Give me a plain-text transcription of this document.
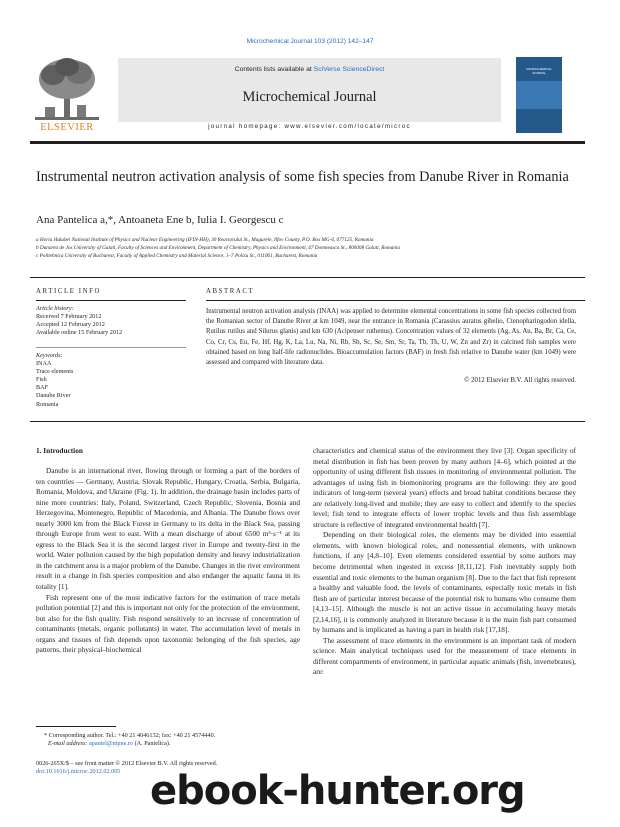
Microchemical Journal 103 (2012) 142–147
ELSEVIER
Contents lists available at SciVerse ScienceDirect
Microchemical Journal
journal homepage: www.elsevier.com/locate/microc
MICROCHEMICAL JOURNAL
Instrumental neutron activation analysis of some fish species from Danube River in Romania
Ana Pantelica a,*, Antoaneta Ene b, Iulia I. Georgescu c
a Horia Hulubei National Institute of Physics and Nuclear Engineering (IFIN-HH), 30 Reactorului St., Magurele, Ilfov County, P.O. Box MG-6, 077125, Romania
b Dunarea de Jos University of Galati, Faculty of Sciences and Environment, Department of Chemistry, Physics and Environment, 47 Domneasca St., 800008 Galati, Romania
c Politehnica University of Bucharest, Faculty of Applied Chemistry and Material Science, 1–7 Polizu St., 011061, Bucharest, Romania
ARTICLE INFO
Article history:
Received 7 February 2012
Accepted 12 February 2012
Available online 15 February 2012
Keywords:
INAA
Trace elements
Fish
BAF
Danube River
Romania
ABSTRACT
Instrumental neutron activation analysis (INAA) was applied to determine elemental concentrations in some fish species collected from the Romanian sector of Danube River at km 1049, near the entrance in Romania (Carassius auratus gibelio, Ctenopharingodon idella, Rutilus rutilus and Silurus glanis) and km 630 (Acipenser ruthenus). Concentration values of 32 elements (Ag, As, Au, Ba, Br, Ca, Ce, Co, Cr, Cs, Eu, Fe, Hf, Hg, K, La, Lu, Na, Ni, Rb, Sb, Sc, Se, Sm, Sr, Ta, Tb, Th, U, W, Zn and Zr) in calcined fish samples were obtained based on long half-life radionuclides. Bioaccumulation factors (BAF) in fresh fish relative to Danube water (km 1049) were assessed and compared with literature data.
© 2012 Elsevier B.V. All rights reserved.
1. Introduction

Danube is an international river, flowing through or forming a part of the borders of ten countries — Germany, Austria, Slovak Republic, Hungary, Croatia, Serbia, Bulgaria, Romania, Moldova, and Ukraine (Fig. 1). In addition, the drainage basin includes parts of nine more countries: Italy, Poland, Switzerland, Czech Republic, Slovenia, Bosnia and Herzegovina, Montenegro, Republic of Macedonia, and Albania. The Danube flows over nearly 3000 km from the Black Forest in Germany to its delta in the Black Sea, passing through Europe from west to east. With a mean discharge of about 6500 m³·s⁻¹ at its egress to the Black Sea it is the second largest river in Europe and twenty-first in the world. Water pollution caused by the high population density and heavy industrialization in the catchment area is a major problem of the Danube. Changes in the river environment result in a change in fish species composition and also endanger the aquatic fauna in its totality [1].

Fish represent one of the most indicative factors for the estimation of trace metals pollution potential [2] and this is important not only for the protection of the environment, but also for the fish quality. Fish respond sensitively to an increase of concentration of contaminants (metals, organic pollutants) in water. The accumulation level of metals in organs and tissues of fish depends upon taxonomic belonging of the fish species, age patterns, their physical–biochemical

characteristics and chemical status of the environment they live [3]. Organ specificity of metal distribution in fish has been proven by many authors [4–6], which pointed at the opportunity of using different fish tissues in monitoring of environmental pollution. The advantages of using fish in biomonitoring programs are the following: they are good indicators of long-term (several years) effects and broad habitat conditions because they are relatively long-lived and mobile; they are easy to collect and identify to the species level; fish tend to integrate effects of lower trophic levels and thus fish assemblage structure is reflective of integrated environmental health [7].

Depending on their biological roles, the elements may be divided into essential elements, with known biological roles, and nonessential elements, with unknown functions, if any [4,8–10]. Even elements considered essential by some authors may become detrimental when ingested in excess [8,11,12]. Fish inevitably supply both essential and toxic elements to the human organism [8]. Due to the fact that fish represent a healthy and valuable food, the levels of contaminants, especially toxic metals in fish flesh are of particular interest because of the potential risk to humans who consume them [4,13–15]. Although the muscle is not an active tissue in accumulating heavy metals [2,14,16], it is commonly analyzed in literature because it is the main fish part consumed by humans and is implicated as having a part in health risk [17,18].

The assessment of trace elements in the environment is an important task of modern science. Main analytical techniques used for the measurement of trace elements in different compartments of environment, in particular aquatic animals (fish, invertebrates), are:

* Corresponding author. Tel.: +40 21 4046132; fax: +40 21 4574440.
E-mail address: apantel@nipne.ro (A. Pantelica).
0026-265X/$ – see front matter © 2012 Elsevier B.V. All rights reserved.
doi:10.1016/j.microc.2012.02.005 ebook-hunter.org
